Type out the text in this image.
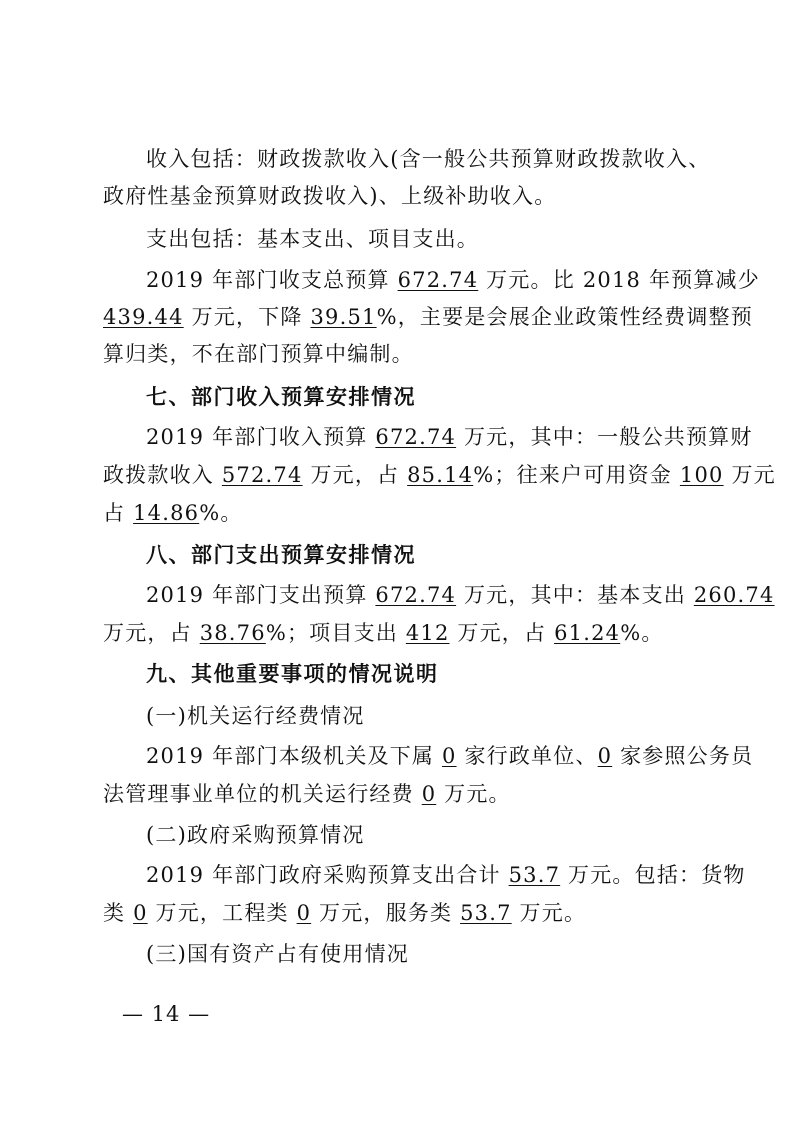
收入包括：财政拨款收入(含一般公共预算财政拨款收入、
政府性基金预算财政拨收入)、上级补助收入。
支出包括：基本支出、项目支出。
2019 年部门收支总预算 672.74 万元。比 2018 年预算减少
439.44 万元，下降 39.51%，主要是会展企业政策性经费调整预
算归类，不在部门预算中编制。
七、部门收入预算安排情况
2019 年部门收入预算 672.74 万元，其中：一般公共预算财
政拨款收入 572.74 万元，占 85.14%；往来户可用资金 100 万元
占 14.86%。
八、部门支出预算安排情况
2019 年部门支出预算 672.74 万元，其中：基本支出 260.74
万元，占 38.76%；项目支出 412 万元，占 61.24%。
九、其他重要事项的情况说明
(一)机关运行经费情况
2019 年部门本级机关及下属 0 家行政单位、0 家参照公务员
法管理事业单位的机关运行经费 0 万元。
(二)政府采购预算情况
2019 年部门政府采购预算支出合计 53.7 万元。包括：货物
类 0 万元，工程类 0 万元，服务类 53.7 万元。
(三)国有资产占有使用情况
— 14 —
